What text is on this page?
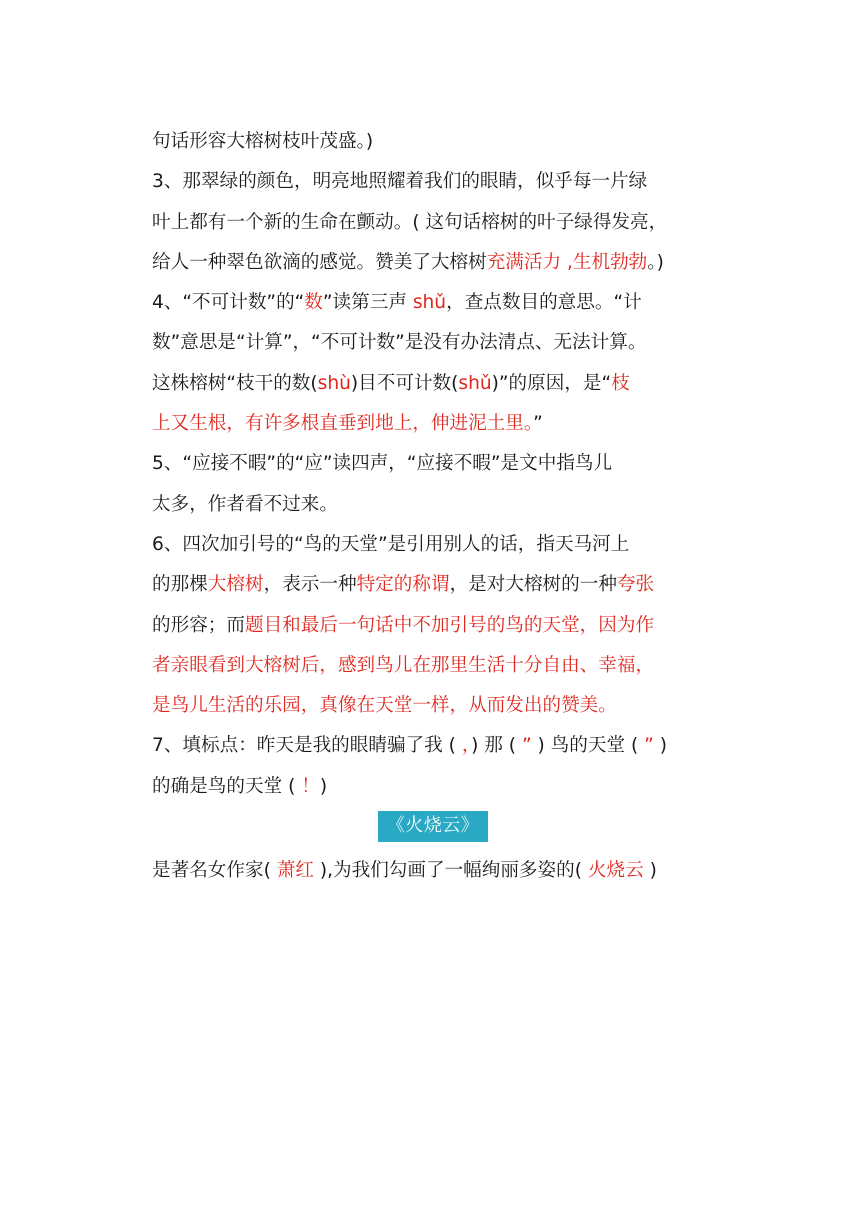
句话形容大榕树枝叶茂盛。)
3、那翠绿的颜色，明亮地照耀着我们的眼睛，似乎每一片绿
叶上都有一个新的生命在颤动。( 这句话榕树的叶子绿得发亮，
给人一种翠色欲滴的感觉。赞美了大榕树充满活力 ,生机勃勃。)
4、“不可计数”的“数”读第三声 shǔ，查点数目的意思。“计
数”意思是“计算”，“不可计数”是没有办法清点、无法计算。
这株榕树“枝干的数(shù)目不可计数(shǔ)”的原因，是“枝
上又生根，有许多根直垂到地上，伸进泥土里。”
5、“应接不暇”的“应”读四声，“应接不暇”是文中指鸟儿
太多，作者看不过来。
6、四次加引号的“鸟的天堂”是引用别人的话，指天马河上
的那棵大榕树，表示一种特定的称谓，是对大榕树的一种夸张
的形容；而题目和最后一句话中不加引号的鸟的天堂，因为作
者亲眼看到大榕树后，感到鸟儿在那里生活十分自由、幸福，
是鸟儿生活的乐园，真像在天堂一样，从而发出的赞美。
7、填标点：昨天是我的眼睛骗了我 ( ，) 那 ( ” ) 鸟的天堂 ( ” )
的确是鸟的天堂 ( ！)
《火烧云》
是著名女作家( 萧红 ),为我们勾画了一幅绚丽多姿的( 火烧云 )
